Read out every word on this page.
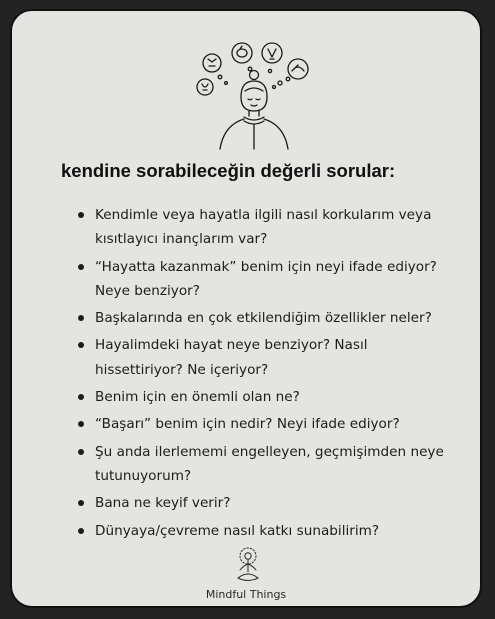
kendine sorabileceğin değerli sorular:
Kendimle veya hayatla ilgili nasıl korkularım veya kısıtlayıcı inançlarım var?
“Hayatta kazanmak” benim için neyi ifade ediyor? Neye benziyor?
Başkalarında en çok etkilendiğim özellikler neler?
Hayalimdeki hayat neye benziyor? Nasıl hissettiriyor? Ne içeriyor?
Benim için en önemli olan ne?
“Başarı” benim için nedir? Neyi ifade ediyor?
Şu anda ilerlememi engelleyen, geçmişimden neye tutunuyorum?
Bana ne keyif verir?
Dünyaya/çevreme nasıl katkı sunabilirim?
Mindful Things
